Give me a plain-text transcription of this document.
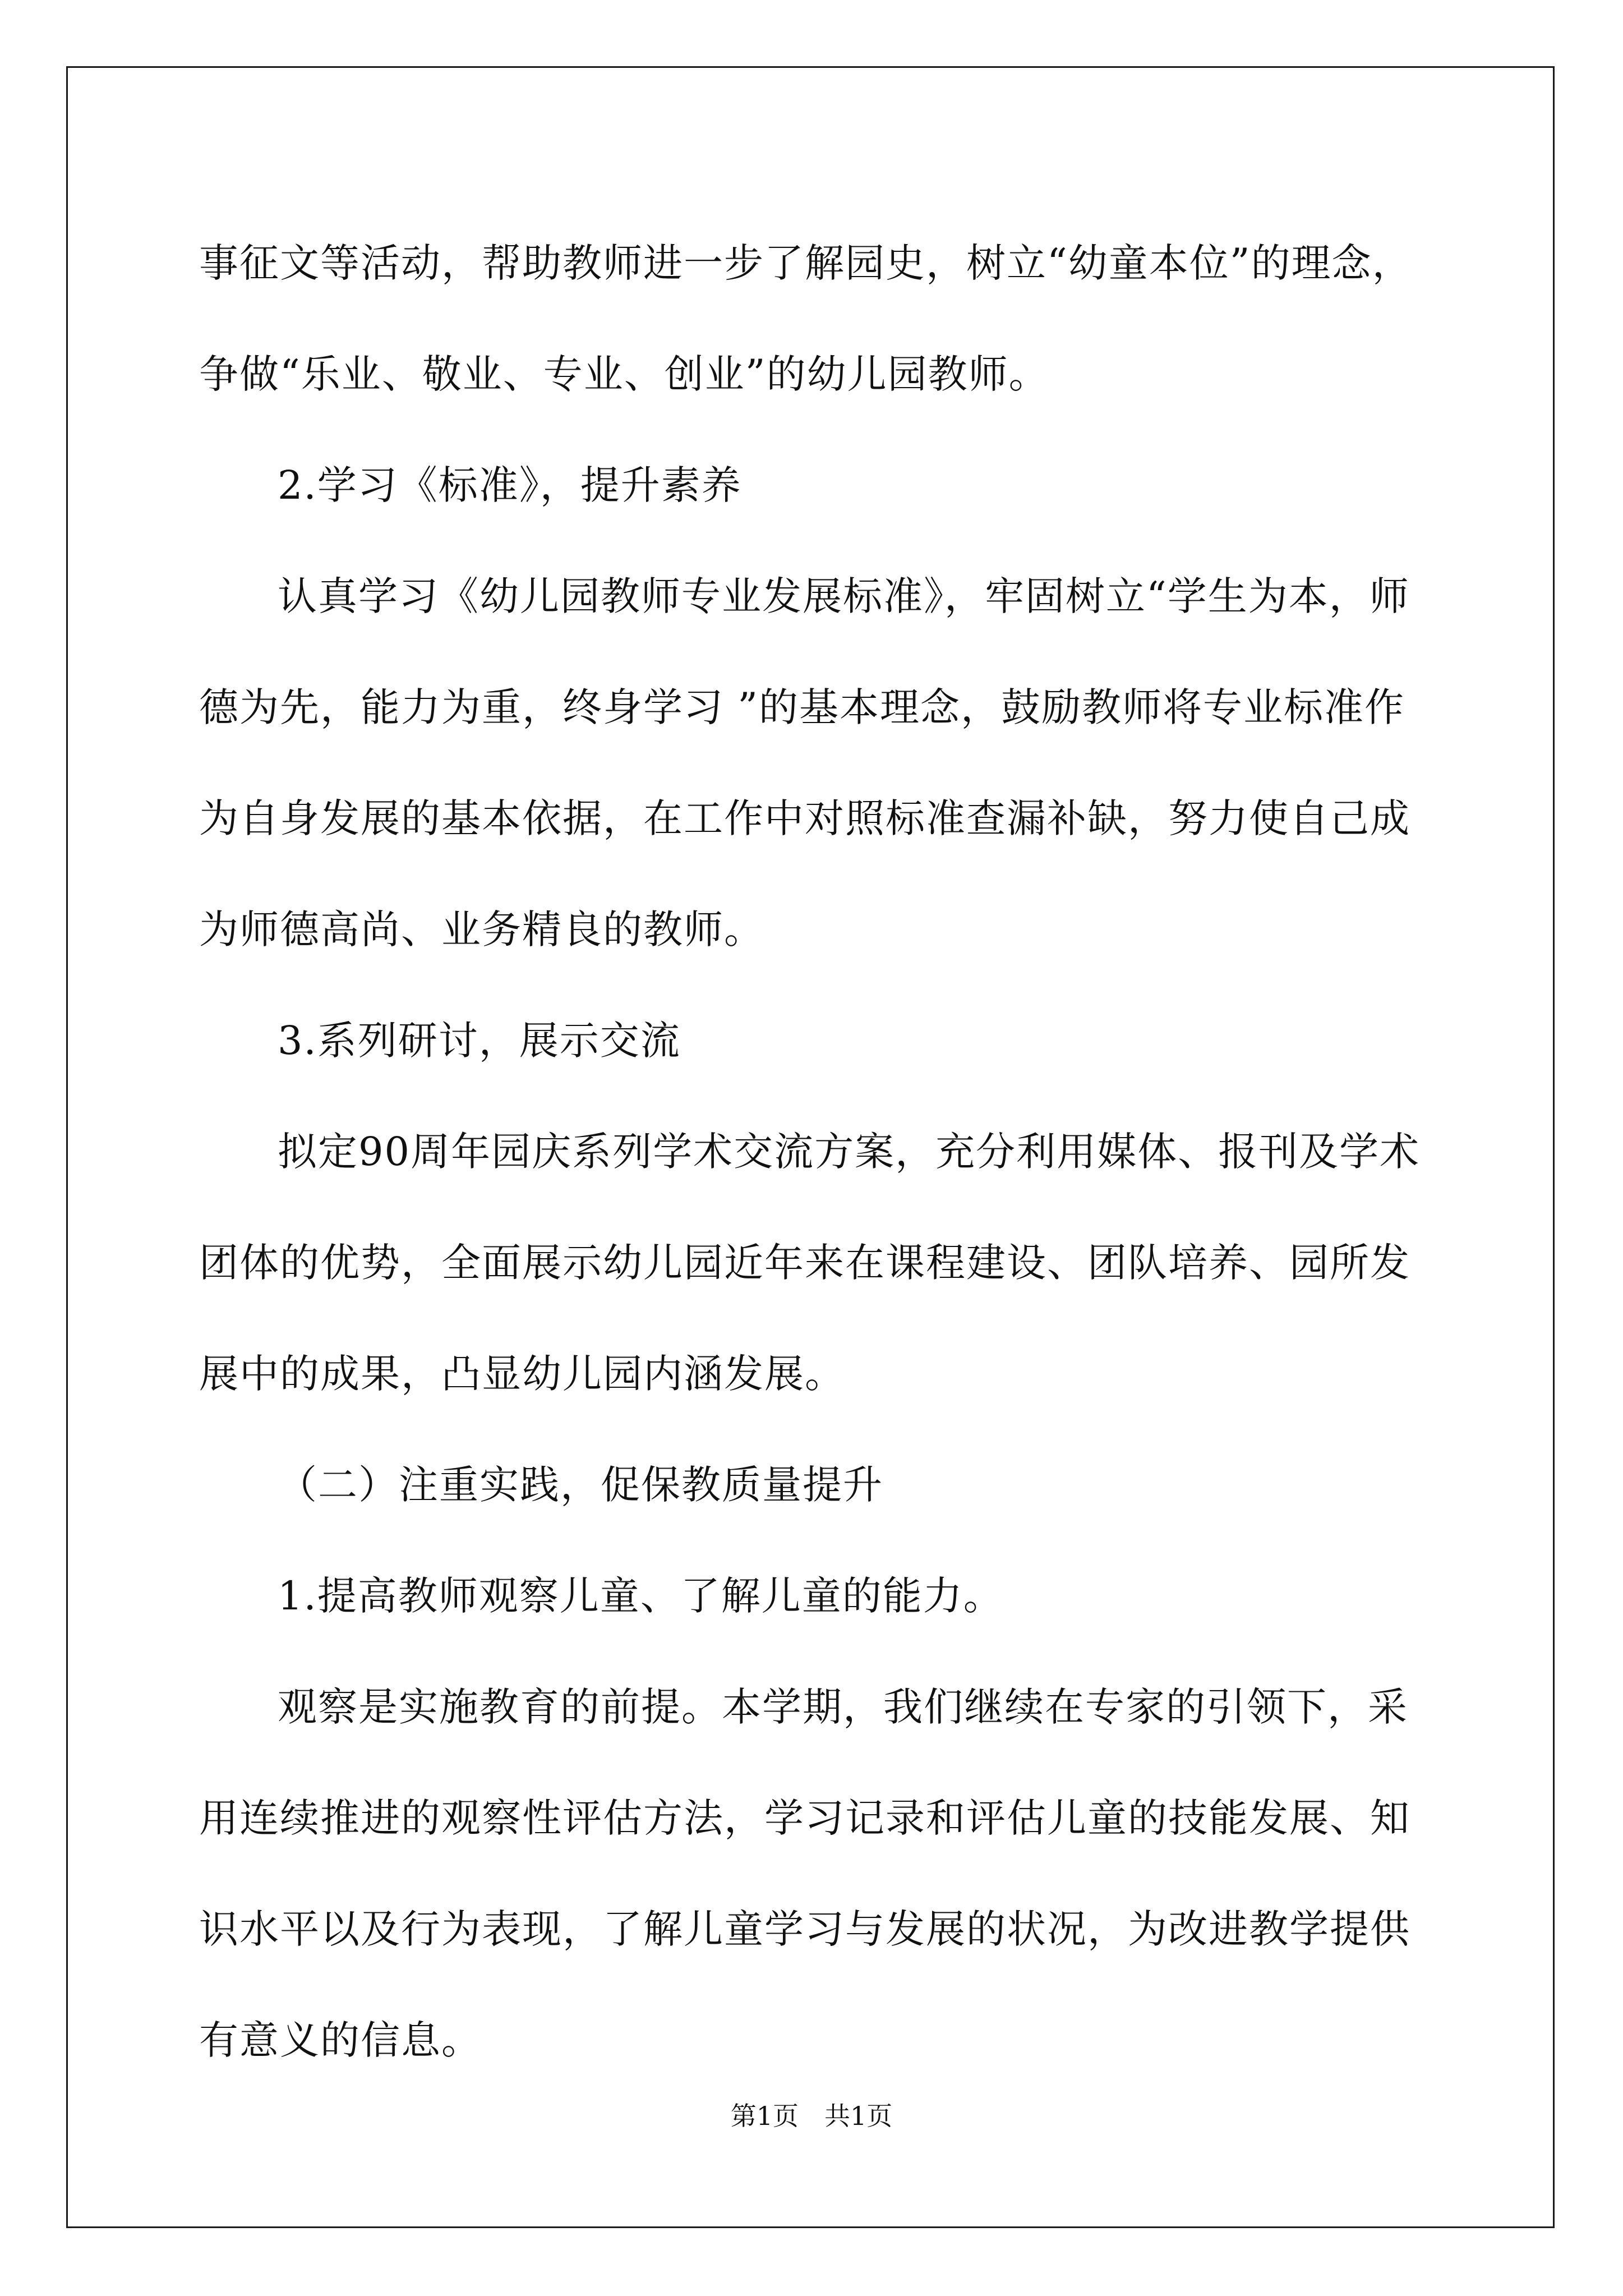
事征文等活动，帮助教师进一步了解园史，树立“幼童本位”的理念，
争做“乐业、敬业、专业、创业”的幼儿园教师。
2.学习《标准》，提升素养
认真学习《幼儿园教师专业发展标准》，牢固树立“学生为本，师
德为先，能力为重，终身学习 ”的基本理念，鼓励教师将专业标准作
为自身发展的基本依据，在工作中对照标准查漏补缺，努力使自己成
为师德高尚、业务精良的教师。
3.系列研讨，展示交流
拟定90周年园庆系列学术交流方案，充分利用媒体、报刊及学术
团体的优势，全面展示幼儿园近年来在课程建设、团队培养、园所发
展中的成果，凸显幼儿园内涵发展。
（二）注重实践，促保教质量提升
1.提高教师观察儿童、了解儿童的能力。
观察是实施教育的前提。本学期，我们继续在专家的引领下，采
用连续推进的观察性评估方法，学习记录和评估儿童的技能发展、知
识水平以及行为表现，了解儿童学习与发展的状况，为改进教学提供
有意义的信息。
第1页 共1页
